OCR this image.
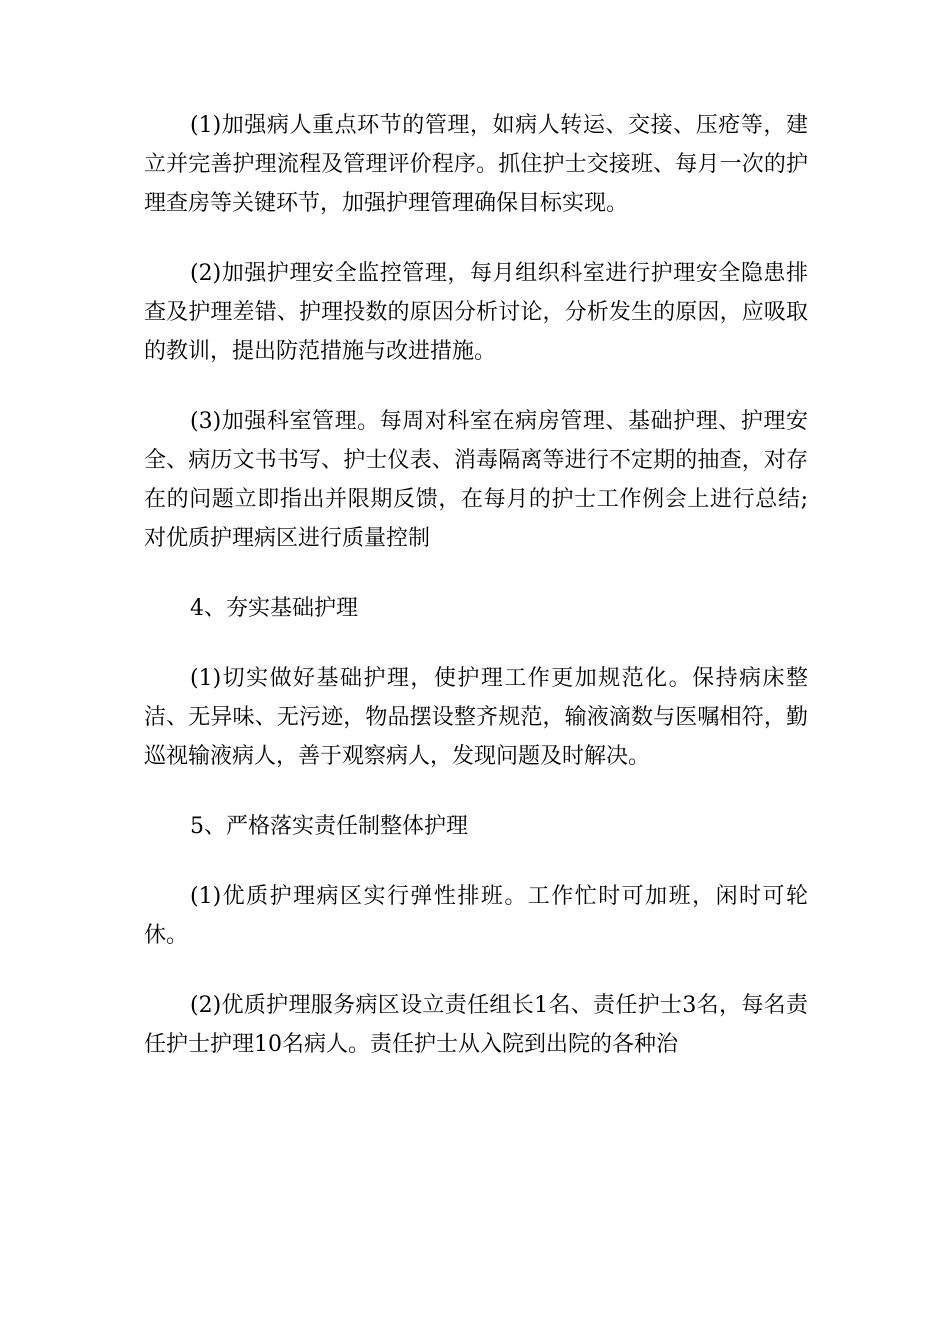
(1)加强病人重点环节的管理，如病人转运、交接、压疮等，建立并完善护理流程及管理评价程序。抓住护士交接班、每月一次的护理查房等关键环节，加强护理管理确保目标实现。

(2)加强护理安全监控管理，每月组织科室进行护理安全隐患排查及护理差错、护理投数的原因分析讨论，分析发生的原因，应吸取的教训，提出防范措施与改进措施。

(3)加强科室管理。每周对科室在病房管理、基础护理、护理安全、病历文书书写、护士仪表、消毒隔离等进行不定期的抽查，对存在的问题立即指出并限期反馈，在每月的护士工作例会上进行总结;对优质护理病区进行质量控制

4、夯实基础护理

(1)切实做好基础护理，使护理工作更加规范化。保持病床整洁、无异味、无污迹，物品摆设整齐规范，输液滴数与医嘱相符，勤巡视输液病人，善于观察病人，发现问题及时解决。

5、严格落实责任制整体护理

(1)优质护理病区实行弹性排班。工作忙时可加班，闲时可轮休。

(2)优质护理服务病区设立责任组长1名、责任护士3名，每名责任护士护理10名病人。责任护士从入院到出院的各种治
